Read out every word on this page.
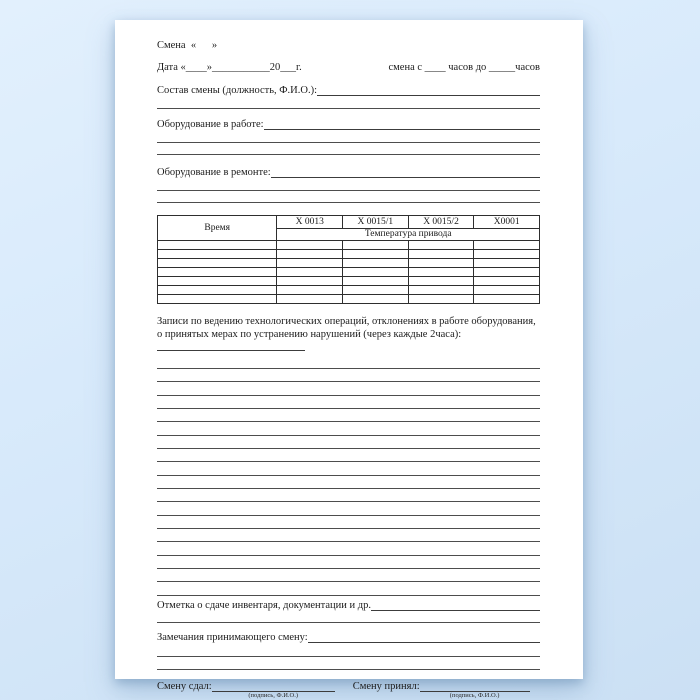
Смена  «      »
Дата «____»___________20___г.	смена с ____ часов до _____часов
Состав смены (должность, Ф.И.О.):
Оборудование в работе:
Оборудование в ремонте:
Время	Х 0013	Х 0015/1	Х 0015/2	Х0001
	Температура привода			

Записи по ведению технологических операций, отклонениях в работе оборудования, о принятых мерах по устранению нарушений (через каждые 2часа):
Отметка о сдаче инвентаря, документации и др.
Замечания принимающего смену:
Смену сдал:
(подпись, Ф.И.О.)
Смену принял:
(подпись, Ф.И.О.)
